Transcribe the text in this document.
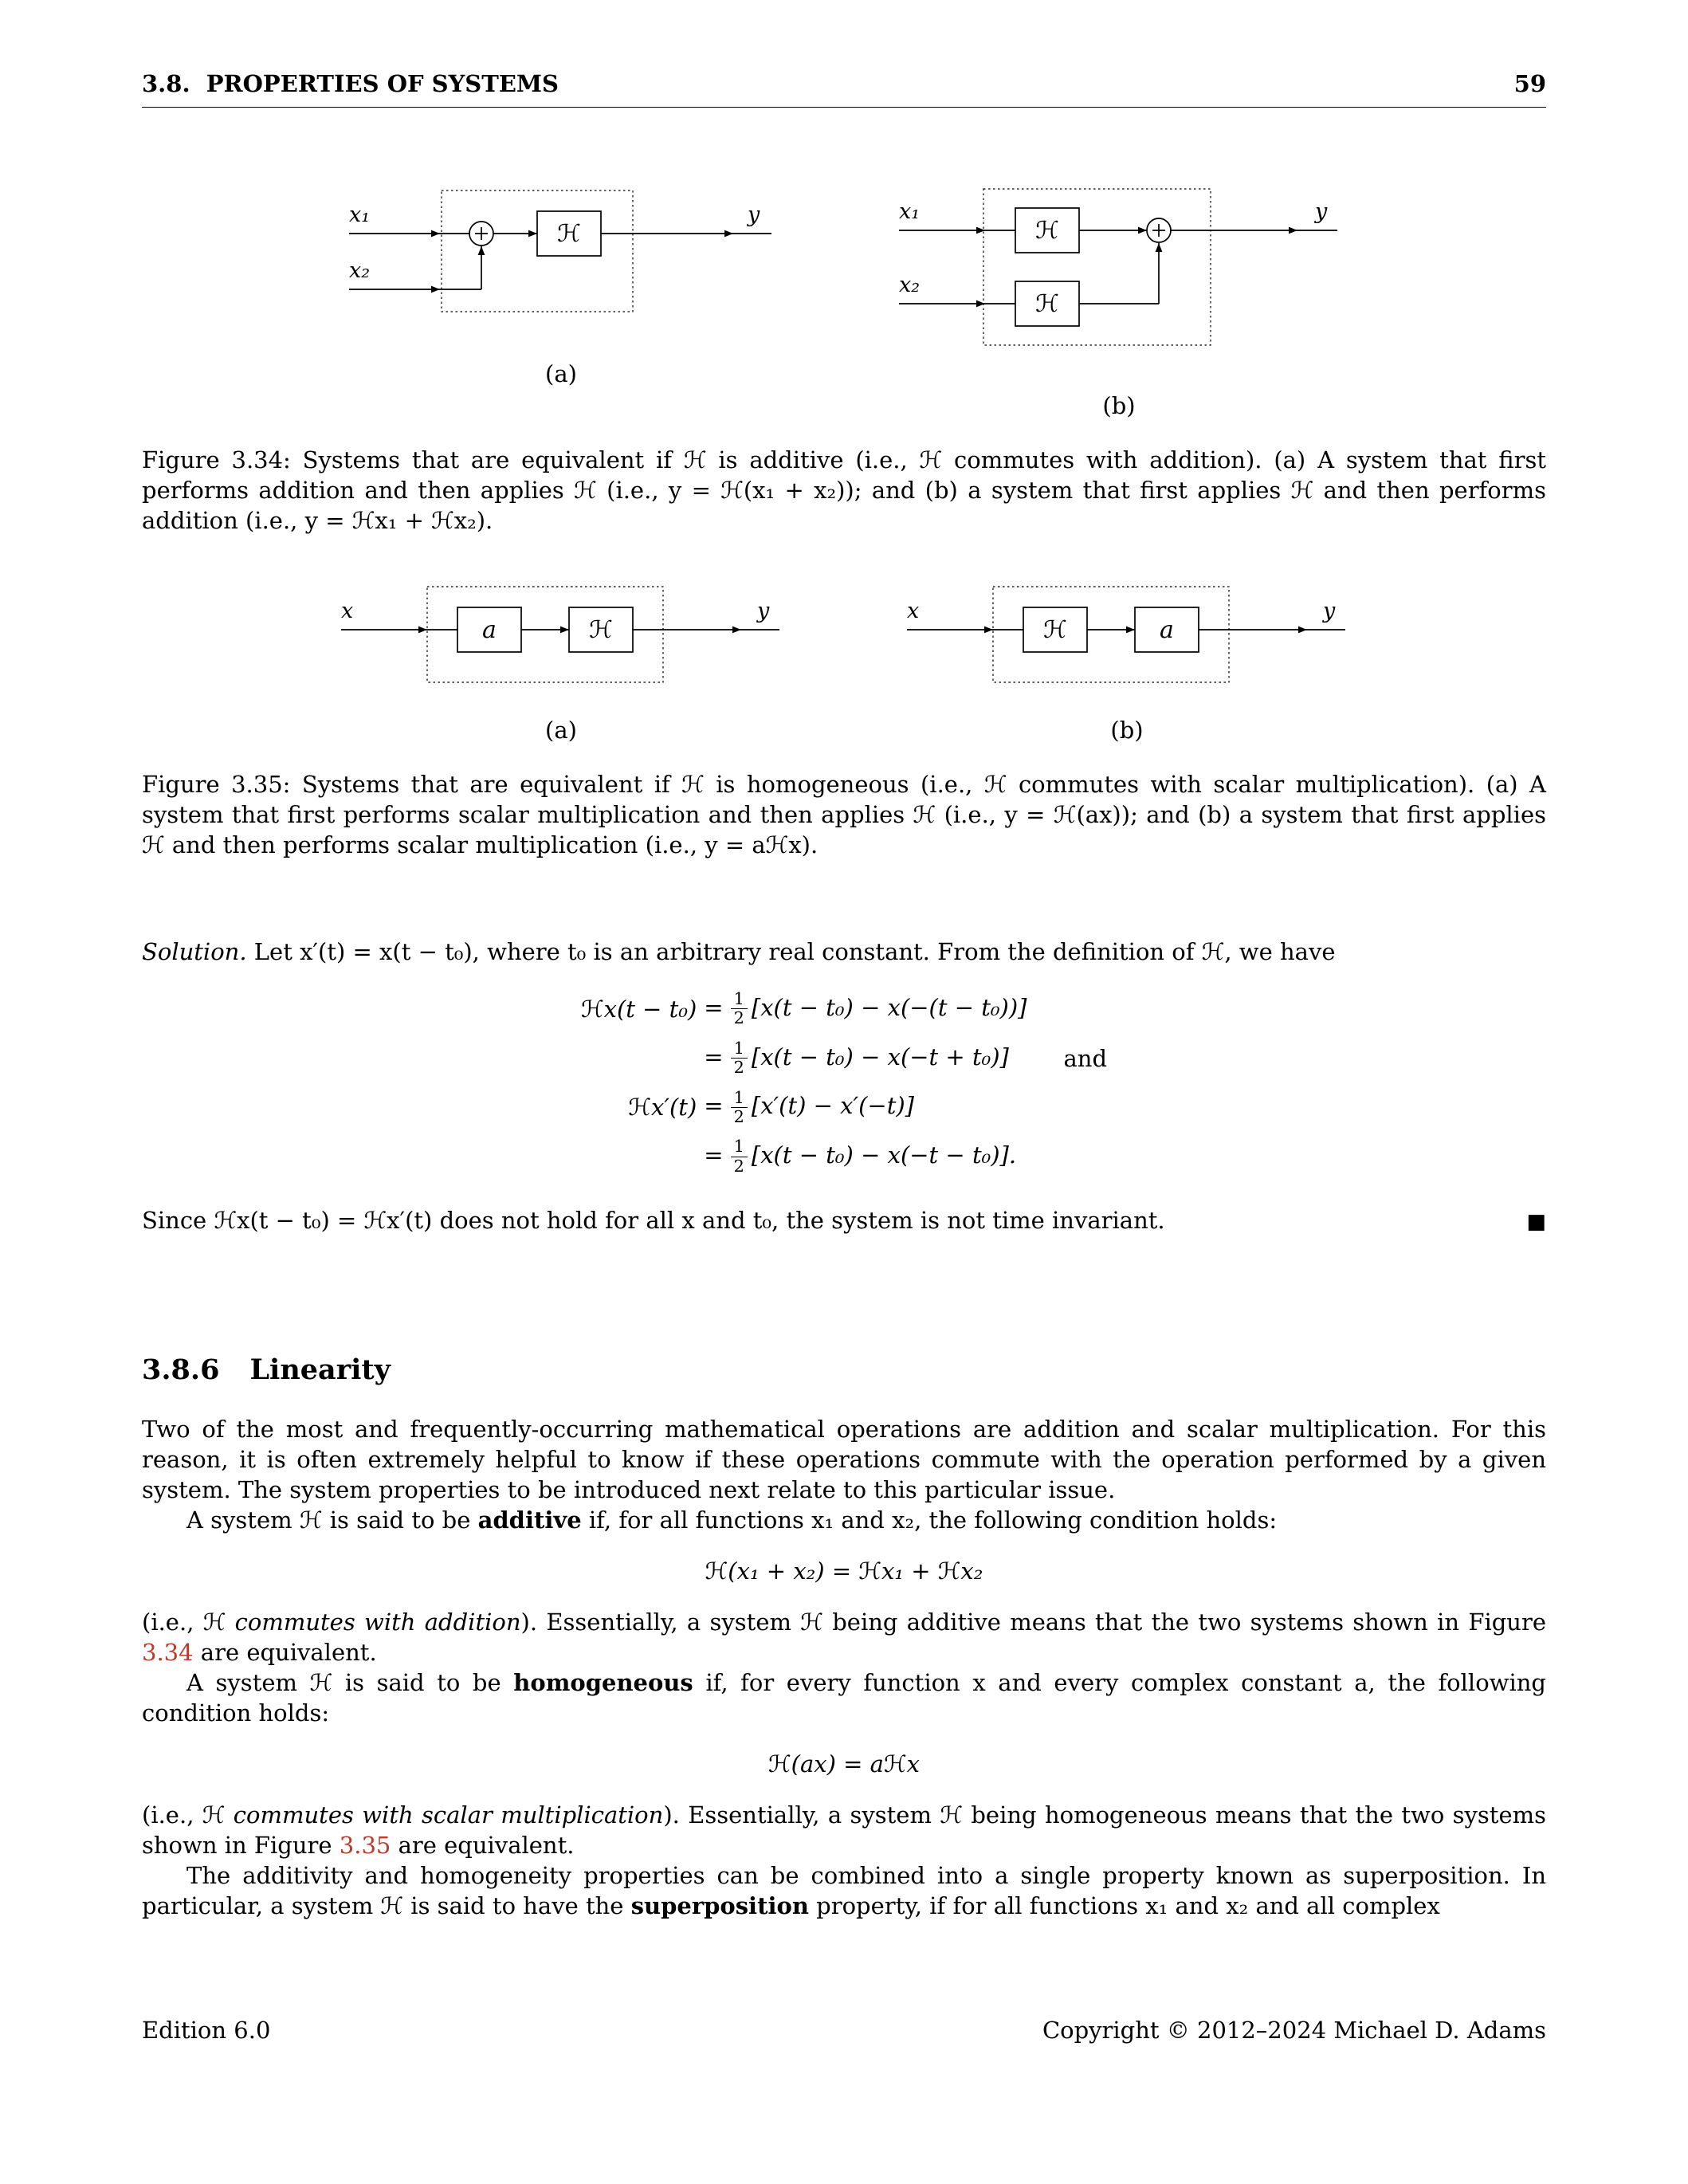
3.8.  PROPERTIES OF SYSTEMS	59
ℋ
x₁
x₂
y
(a)
ℋ
ℋ
x₁
x₂
y
(b)

Figure 3.34: Systems that are equivalent if ℋ is additive (i.e., ℋ commutes with addition). (a) A system that first performs addition and then applies ℋ (i.e., y = ℋ(x₁ + x₂)); and (b) a system that first applies ℋ and then performs addition (i.e., y = ℋx₁ + ℋx₂).

a	ℋ
x	y
(a)
ℋ	a
x	y
(b)

Figure 3.35: Systems that are equivalent if ℋ is homogeneous (i.e., ℋ commutes with scalar multiplication). (a) A system that first performs scalar multiplication and then applies ℋ (i.e., y = ℋ(ax)); and (b) a system that first applies ℋ and then performs scalar multiplication (i.e., y = aℋx).

Solution. Let x′(t) = x(t − t₀), where t₀ is an arbitrary real constant. From the definition of ℋ, we have

ℋx(t − t₀)	= $\frac{1}{2} [x(t - t_0) - x(-(t - t_0))]$	
	= $\frac{1}{2} [x(t - t_0) - x(-t + t_0)]$	and
ℋx′(t)	= $\frac{1}{2} [x'(t) - x'(-t)]$	
	= $\frac{1}{2} [x(t - t_0) - x(-t - t_0)]$.	
Since ℋx(t − t₀) = ℋx′(t) does not hold for all x and t₀, the system is not time invariant.	■
3.8.6 Linearity

Two of the most and frequently-occurring mathematical operations are addition and scalar multiplication. For this reason, it is often extremely helpful to know if these operations commute with the operation performed by a given system. The system properties to be introduced next relate to this particular issue.

A system ℋ is said to be additive if, for all functions x₁ and x₂, the following condition holds:

ℋ(x₁ + x₂) = ℋx₁ + ℋx₂

(i.e., ℋ commutes with addition). Essentially, a system ℋ being additive means that the two systems shown in Figure 3.34 are equivalent.

A system ℋ is said to be homogeneous if, for every function x and every complex constant a, the following condition holds:

ℋ(ax) = aℋx

(i.e., ℋ commutes with scalar multiplication). Essentially, a system ℋ being homogeneous means that the two systems shown in Figure 3.35 are equivalent.

The additivity and homogeneity properties can be combined into a single property known as superposition. In particular, a system ℋ is said to have the superposition property, if for all functions x₁ and x₂ and all complex

Edition 6.0	Copyright © 2012–2024 Michael D. Adams
